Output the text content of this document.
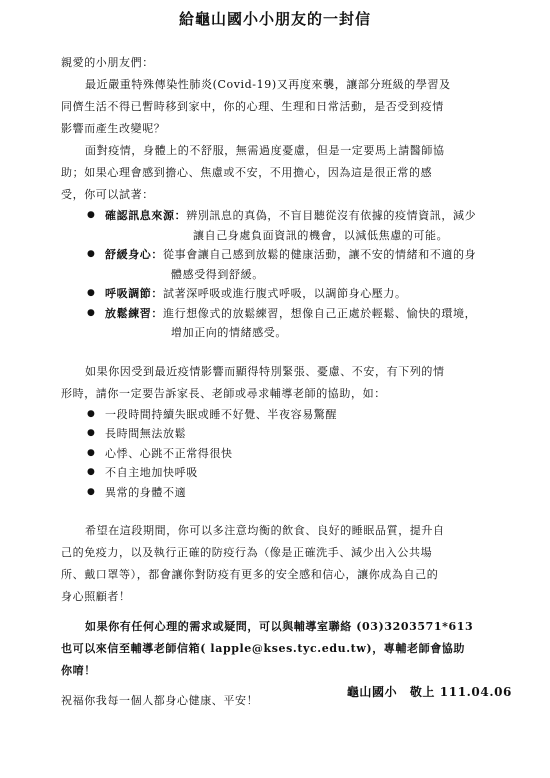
給龜山國小小朋友的一封信
親愛的小朋友們：
最近嚴重特殊傳染性肺炎(Covid-19)又再度來襲，讓部分班級的學習及
同儕生活不得已暫時移到家中，你的心理、生理和日常活動，是否受到疫情
影響而產生改變呢？
面對疫情，身體上的不舒服，無需過度憂慮，但是一定要馬上請醫師協
助；如果心理會感到擔心、焦慮或不安，不用擔心，因為這是很正常的感
受，你可以試著：
● 確認訊息來源：辨別訊息的真偽，不盲目聽從沒有依據的疫情資訊，減少
讓自己身處負面資訊的機會，以減低焦慮的可能。
● 舒緩身心：從事會讓自己感到放鬆的健康活動，讓不安的情緒和不適的身
體感受得到舒緩。
● 呼吸調節：試著深呼吸或進行腹式呼吸，以調節身心壓力。
● 放鬆練習：進行想像式的放鬆練習，想像自己正處於輕鬆、愉快的環境，
增加正向的情緒感受。
如果你因受到最近疫情影響而顯得特別緊張、憂慮、不安，有下列的情
形時，請你一定要告訴家長、老師或尋求輔導老師的協助，如：
● 一段時間持續失眠或睡不好覺、半夜容易驚醒
● 長時間無法放鬆
● 心悸、心跳不正常得很快
● 不自主地加快呼吸
● 異常的身體不適
希望在這段期間，你可以多注意均衡的飲食、良好的睡眠品質，提升自
己的免疫力，以及執行正確的防疫行為（像是正確洗手、減少出入公共場
所、戴口罩等），都會讓你對防疫有更多的安全感和信心，讓你成為自己的
身心照顧者！
如果你有任何心理的需求或疑問，可以與輔導室聯絡 (03)3203571*613
也可以來信至輔導老師信箱( lapple@kses.tyc.edu.tw)，專輔老師會協助
你唷！
祝福你我每一個人都身心健康、平安！
龜山國小　敬上 111.04.06
